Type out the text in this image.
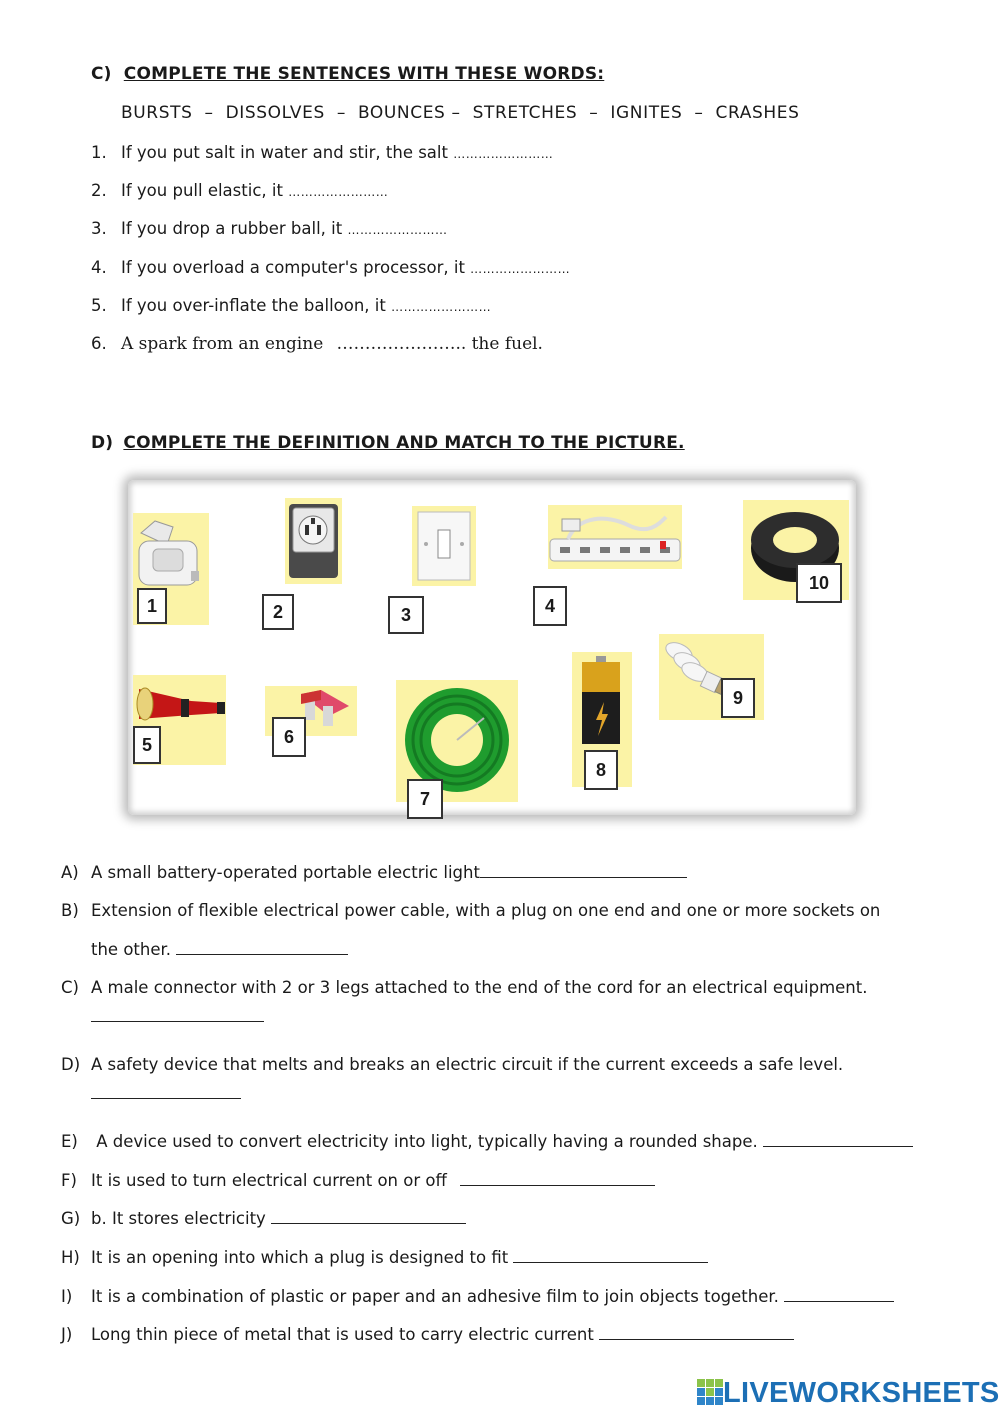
C) COMPLETE THE SENTENCES WITH THESE WORDS:
BURSTS  –  DISSOLVES  –  BOUNCES –  STRETCHES  –  IGNITES  –  CRASHES
1. If you put salt in water and stir, the salt ……………………
2. If you pull elastic, it ……………………
3. If you drop a rubber ball, it ……………………
4. If you overload a computer's processor, it ……………………
5. If you over-inflate the balloon, it ……………………
6. A spark from an engine ………………….. the fuel.
D) COMPLETE THE DEFINITION AND MATCH TO THE PICTURE.
1	2	3	4
10
5	6
7
8
9
A) A small battery-operated portable electric light
B) Extension of flexible electrical power cable, with a plug on one end and one or more sockets on
the other.
C) A male connector with 2 or 3 legs attached to the end of the cord for an electrical equipment.
D) A safety device that melts and breaks an electric circuit if the current exceeds a safe level.
E) A device used to convert electricity into light, typically having a rounded shape.
F) It is used to turn electrical current on or off
G) b. It stores electricity
H) It is an opening into which a plug is designed to fit
I) It is a combination of plastic or paper and an adhesive film to join objects together.
J) Long thin piece of metal that is used to carry electric current
LIVEWORKSHEETS
